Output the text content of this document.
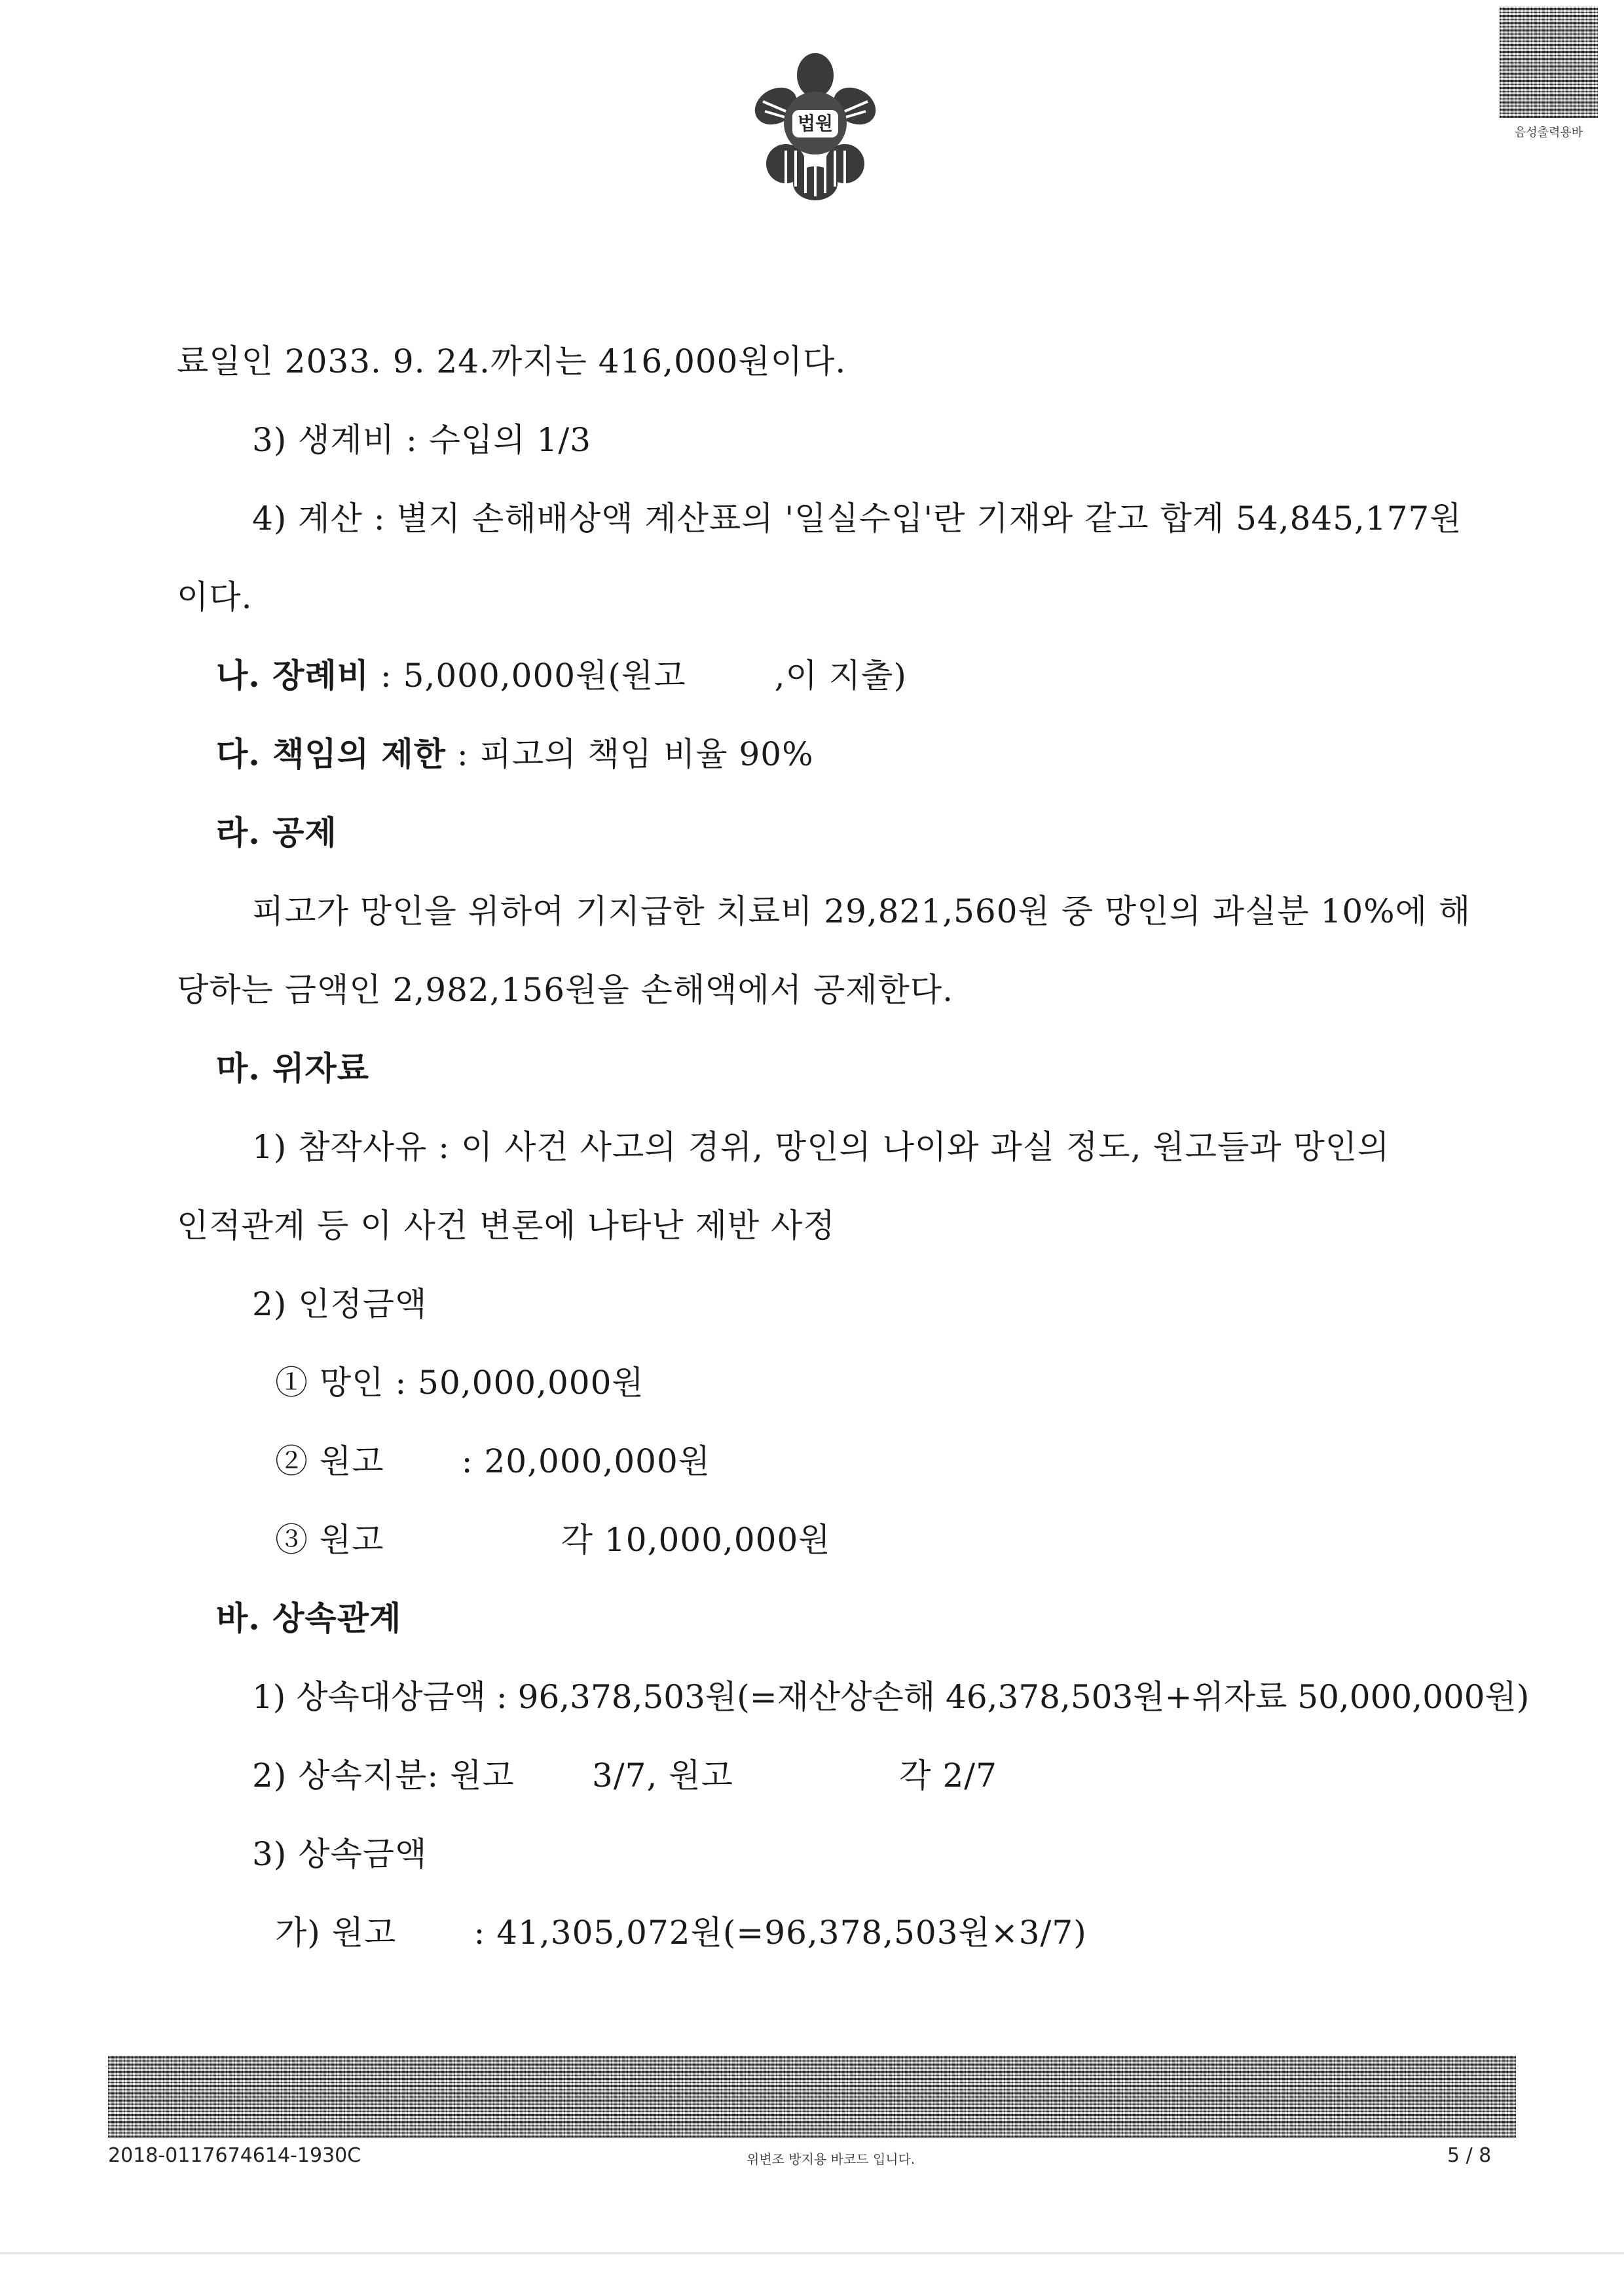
법원	음성출력용바
료일인 2033. 9. 24.까지는 416,000원이다.
3) 생계비 : 수입의 1/3
4) 계산 : 별지 손해배상액 계산표의 '일실수입'란 기재와 같고 합계 54,845,177원
이다.
나. 장례비 : 5,000,000원(원고        ,이 지출)
다. 책임의 제한 : 피고의 책임 비율 90%
라. 공제
피고가 망인을 위하여 기지급한 치료비 29,821,560원 중 망인의 과실분 10%에 해
당하는 금액인 2,982,156원을 손해액에서 공제한다.
마. 위자료
1) 참작사유 : 이 사건 사고의 경위, 망인의 나이와 과실 정도, 원고들과 망인의
인적관계 등 이 사건 변론에 나타난 제반 사정
2) 인정금액
① 망인 : 50,000,000원
② 원고       : 20,000,000원
③ 원고                각 10,000,000원
바. 상속관계
1) 상속대상금액 : 96,378,503원(=재산상손해 46,378,503원+위자료 50,000,000원)
2) 상속지분: 원고       3/7, 원고               각 2/7
3) 상속금액
가) 원고       : 41,305,072원(=96,378,503원×3/7)
2018-0117674614-1930C	위변조 방지용 바코드 입니다.	5 / 8
